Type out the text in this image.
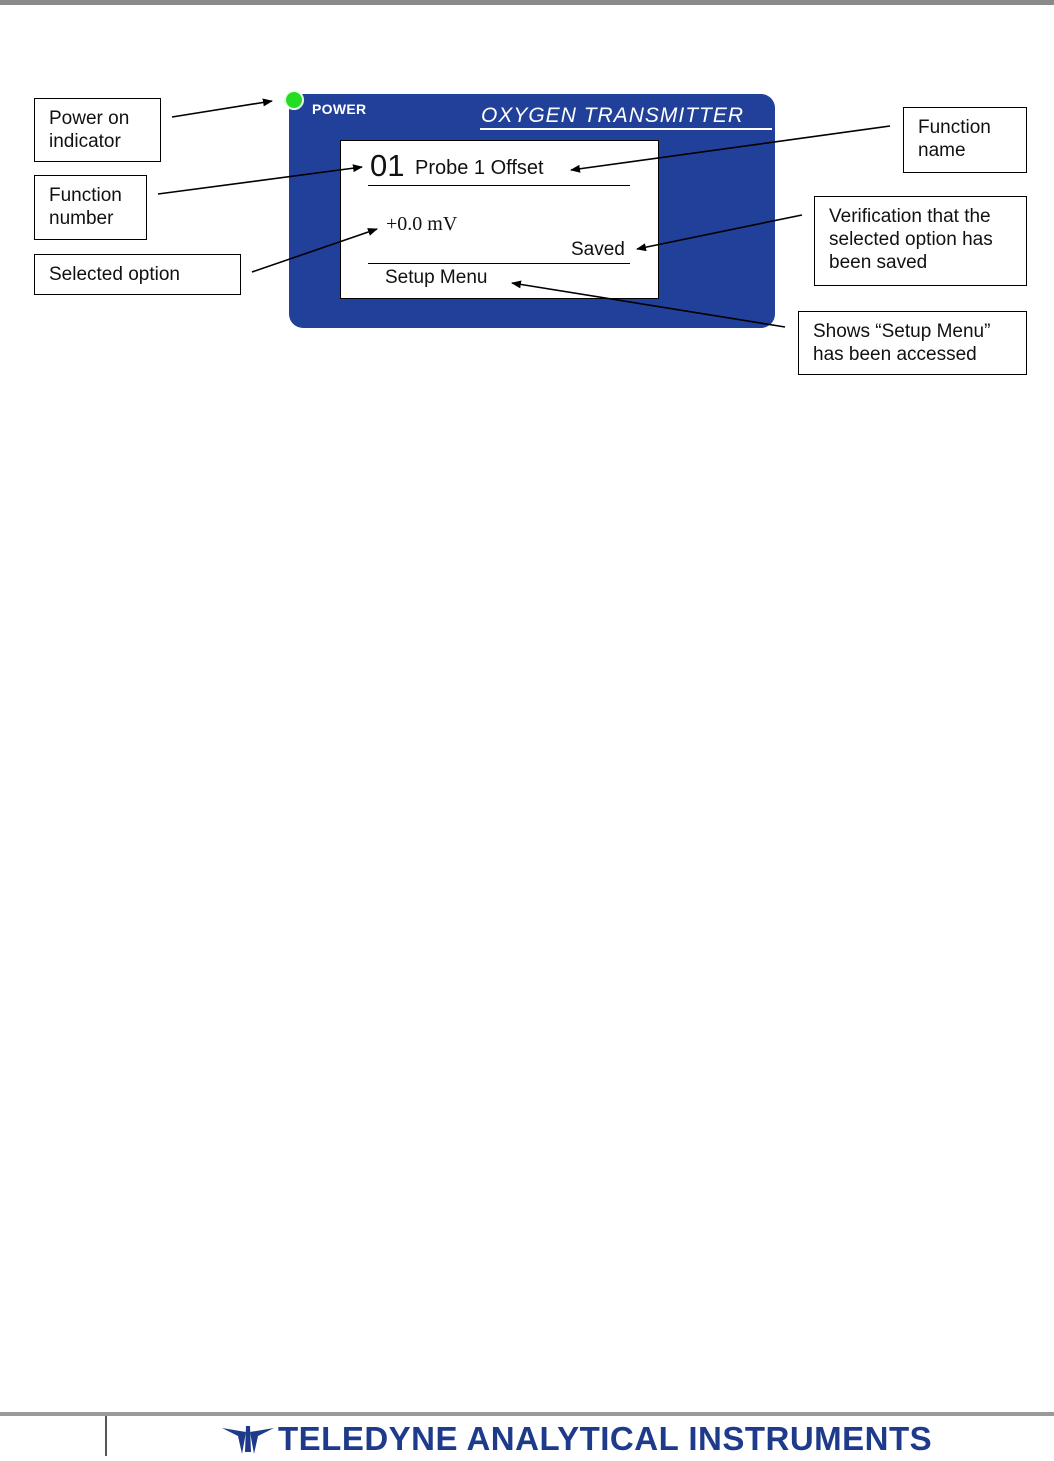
POWER	OXYGEN TRANSMITTER
01 Probe 1 Offset
+0.0 mV
Saved
Setup Menu
Power on
indicator
Function
number
Selected option
Function
name
Verification that the
selected option has
been saved
Shows “Setup Menu”
has been accessed
TELEDYNE ANALYTICAL INSTRUMENTS
